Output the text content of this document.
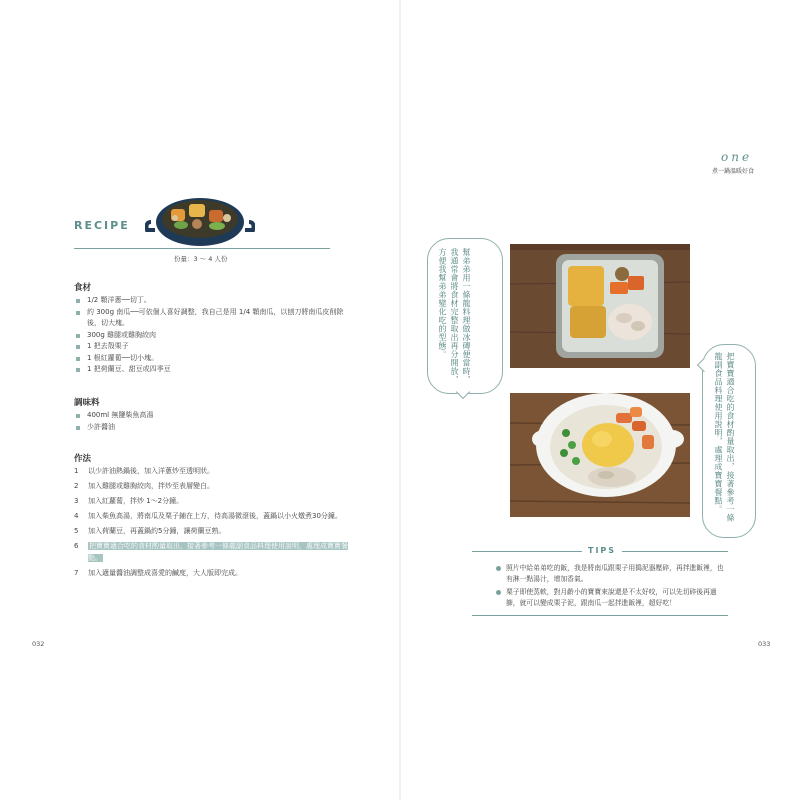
RECIPE
份量：3 ～ 4 人份
食材
1/2 顆洋蔥──切丁。
約 300g 南瓜──可依個人喜好調整，我自己是用 1/4 顆南瓜，以刨刀將南瓜皮削除後，切大塊。
300g 雞腿或雞胸絞肉
1 把去殼栗子
1 根紅蘿蔔──切小塊。
1 把荷蘭豆、甜豆或四季豆
調味料
400ml 無鹽柴魚高湯
少許醬油
作法
1 以少許油熱鍋後，加入洋蔥炒至透明狀。
2 加入雞腿或雞胸絞肉，拌炒至表層變白。
3 加入紅蘿蔔，拌炒 1～2分鐘。
4 加入柴魚高湯，將南瓜及栗子鋪在上方，待高湯微滾後，蓋鍋以小火燉煮30分鐘。
5 加入荷蘭豆，再蓋鍋約5分鐘，讓荷蘭豆熟。
6 把寶寶適合吃的食材酌量取出，接著參考一條龍副食品料理使用說明，處理成寶寶餐點。
7 加入適量醬油調整成喜愛的鹹度，大人版即完成。
032
one
煮一鍋溫暖好食
幫弟弟用一條龍料理做冰磚便當時，我通常會將食材完整取出再分開放，方便我幫弟弟變化吃的型態。
把寶寶適合吃的食材酌量取出，接著參考一條龍副食品料理使用說明，處理成寶寶餐點。
TIPS
照片中給弟弟吃的飯，我是將南瓜跟栗子用搗泥器壓碎，再拌進飯裡，也有淋一點湯汁，增加香氣。
栗子即使蒸軟，對月齡小的寶寶來說還是不太好咬，可以先切碎後再過篩，就可以變成栗子泥，跟南瓜一起拌進飯裡，超好吃！
033
